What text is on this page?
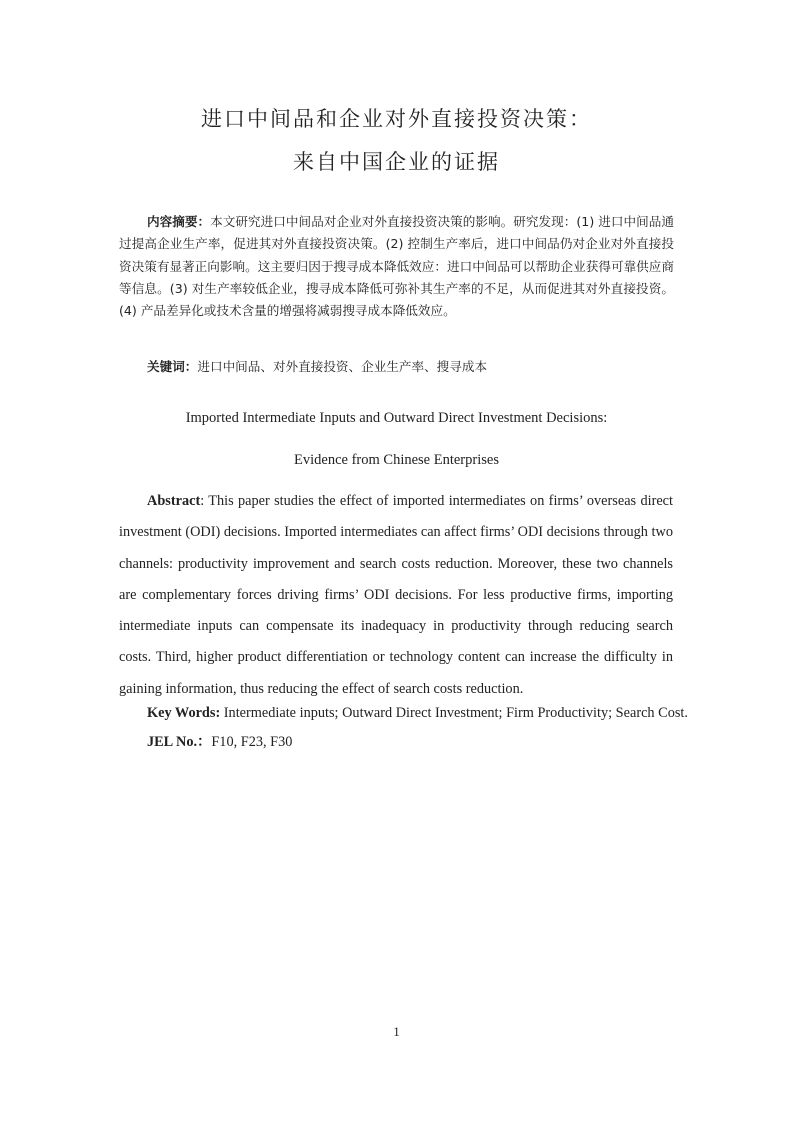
进口中间品和企业对外直接投资决策：
来自中国企业的证据
内容摘要：本文研究进口中间品对企业对外直接投资决策的影响。研究发现：(1) 进口中间品通过提高企业生产率，促进其对外直接投资决策。(2) 控制生产率后，进口中间品仍对企业对外直接投资决策有显著正向影响。这主要归因于搜寻成本降低效应：进口中间品可以帮助企业获得可靠供应商等信息。(3) 对生产率较低企业，搜寻成本降低可弥补其生产率的不足，从而促进其对外直接投资。(4) 产品差异化或技术含量的增强将减弱搜寻成本降低效应。
关键词：进口中间品、对外直接投资、企业生产率、搜寻成本
Imported Intermediate Inputs and Outward Direct Investment Decisions:
Evidence from Chinese Enterprises
Abstract: This paper studies the effect of imported intermediates on firms’ overseas direct investment (ODI) decisions. Imported intermediates can affect firms’ ODI decisions through two channels: productivity improvement and search costs reduction. Moreover, these two channels are complementary forces driving firms’ ODI decisions. For less productive firms, importing intermediate inputs can compensate its inadequacy in productivity through reducing search costs. Third, higher product differentiation or technology content can increase the difficulty in gaining information, thus reducing the effect of search costs reduction.
Key Words: Intermediate inputs; Outward Direct Investment; Firm Productivity; Search Cost.
JEL No.：F10, F23, F30
1
